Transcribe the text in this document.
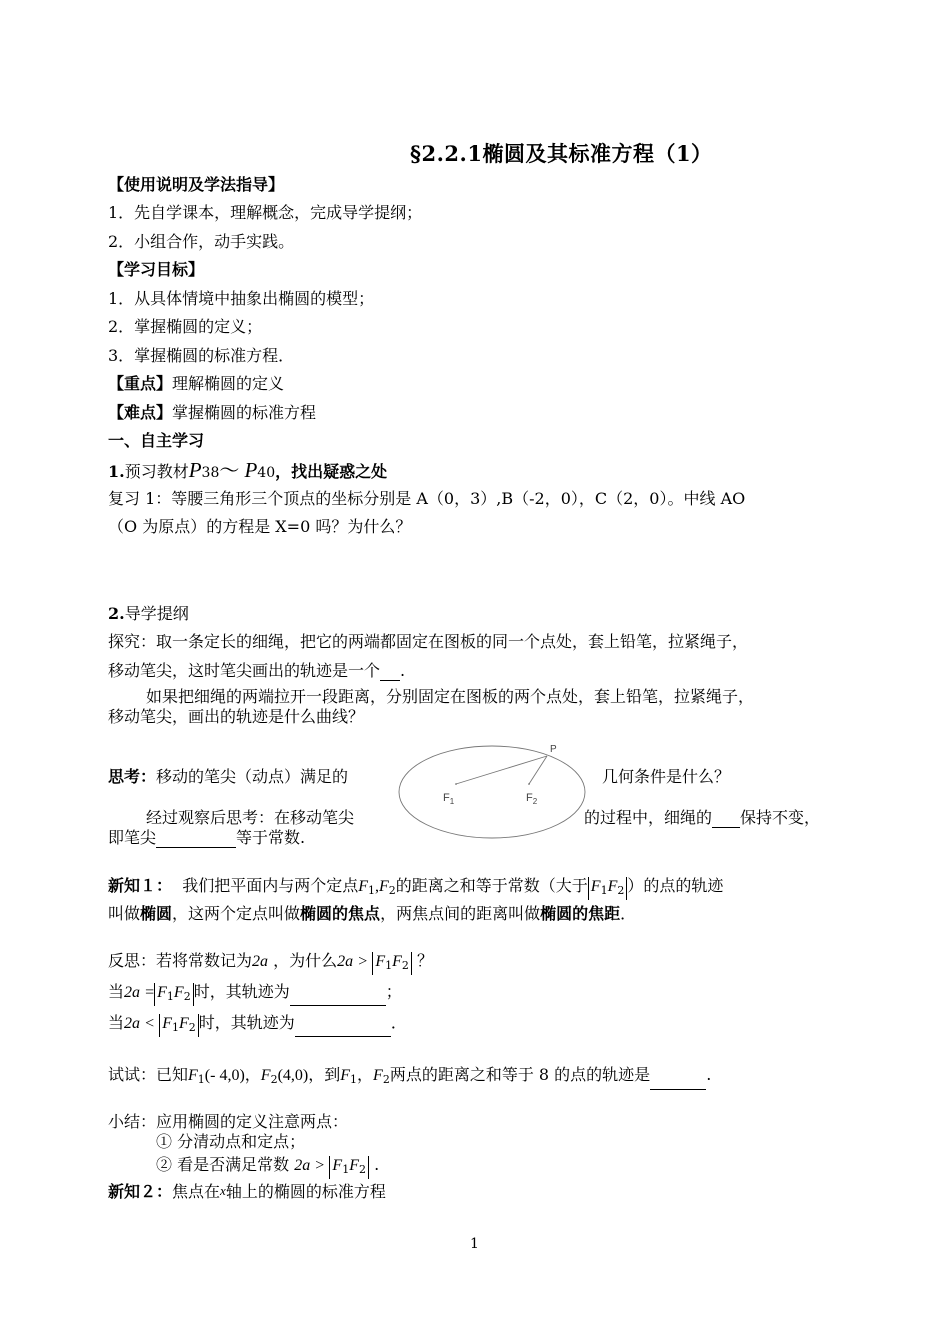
§2.2.1椭圆及其标准方程（1）
【使用说明及学法指导】
1．先自学课本，理解概念，完成导学提纲；
2．小组合作，动手实践。
【学习目标】
1．从具体情境中抽象出椭圆的模型；
2．掌握椭圆的定义；
3．掌握椭圆的标准方程．
【重点】理解椭圆的定义
【难点】掌握椭圆的标准方程
一、自主学习
1.预习教材P38～ P40，找出疑惑之处
复习 1：等腰三角形三个顶点的坐标分别是 A（0，3）,B（-2，0），C（2，0）。中线 AO
（O 为原点）的方程是 X=0 吗？为什么？
2.导学提纲
探究：取一条定长的细绳，把它的两端都固定在图板的同一个点处，套上铅笔，拉紧绳子，
移动笔尖，这时笔尖画出的轨迹是一个 .
如果把细绳的两端拉开一段距离，分别固定在图板的两个点处，套上铅笔，拉紧绳子，
移动笔尖，画出的轨迹是什么曲线？
P
$F_1$	$F_2$
思考：移动的笔尖（动点）满足的	几何条件是什么？
经过观察后思考：在移动笔尖	的过程中，细绳的 保持不变，
即笔尖	等于常数.
新知１： 我们把平面内与两个定点$F_1,F_2$的距离之和等于常数（大于 $F_1F_2$ ）的点的轨迹
叫做椭圆，这两个定点叫做椭圆的焦点，两焦点间的距离叫做椭圆的焦距．
反思：若将常数记为2a ，为什么$2a > F_1F_2$ ？
当$2a = F_1F_2$ 时，其轨迹为	；
当$2a < F_1F_2$ 时，其轨迹为	．
试试：已知$F_1(-$ 4,0)，$F_2(4,0)$，到$F_1$，$F_2$两点的距离之和等于 8 的点的轨迹是	.
小结：应用椭圆的定义注意两点：
① 分清动点和定点；
② 看是否满足常数 $2a > F_1F_2$ .
新知２：焦点在x轴上的椭圆的标准方程
1
